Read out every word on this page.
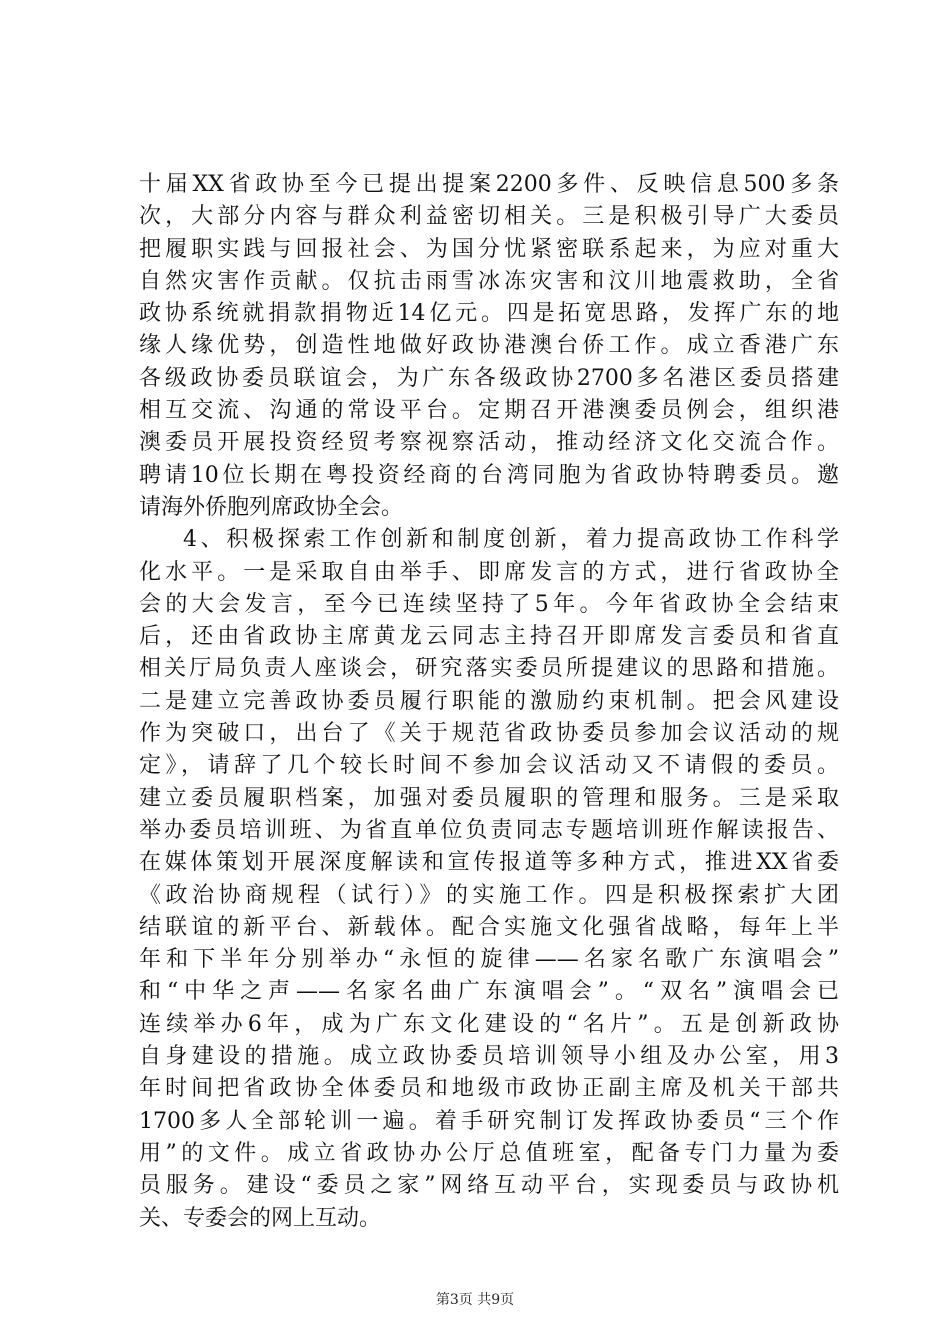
十届XX省政协至今已提出提案2200多件、反映信息500多条
次，大部分内容与群众利益密切相关。三是积极引导广大委员
把履职实践与回报社会、为国分忧紧密联系起来，为应对重大
自然灾害作贡献。仅抗击雨雪冰冻灾害和汶川地震救助，全省
政协系统就捐款捐物近14亿元。四是拓宽思路，发挥广东的地
缘人缘优势，创造性地做好政协港澳台侨工作。成立香港广东
各级政协委员联谊会，为广东各级政协2700多名港区委员搭建
相互交流、沟通的常设平台。定期召开港澳委员例会，组织港
澳委员开展投资经贸考察视察活动，推动经济文化交流合作。
聘请10位长期在粤投资经商的台湾同胞为省政协特聘委员。邀
请海外侨胞列席政协全会。
4、积极探索工作创新和制度创新，着力提高政协工作科学
化水平。一是采取自由举手、即席发言的方式，进行省政协全
会的大会发言，至今已连续坚持了5年。今年省政协全会结束
后，还由省政协主席黄龙云同志主持召开即席发言委员和省直
相关厅局负责人座谈会，研究落实委员所提建议的思路和措施。
二是建立完善政协委员履行职能的激励约束机制。把会风建设
作为突破口，出台了《关于规范省政协委员参加会议活动的规
定》，请辞了几个较长时间不参加会议活动又不请假的委员。
建立委员履职档案，加强对委员履职的管理和服务。三是采取
举办委员培训班、为省直单位负责同志专题培训班作解读报告、
在媒体策划开展深度解读和宣传报道等多种方式，推进XX省委
《政治协商规程（试行）》的实施工作。四是积极探索扩大团
结联谊的新平台、新载体。配合实施文化强省战略，每年上半
年和下半年分别举办“永恒的旋律——名家名歌广东演唱会”
和“中华之声——名家名曲广东演唱会”。“双名”演唱会已
连续举办6年，成为广东文化建设的“名片”。五是创新政协
自身建设的措施。成立政协委员培训领导小组及办公室，用3
年时间把省政协全体委员和地级市政协正副主席及机关干部共
1700多人全部轮训一遍。着手研究制订发挥政协委员“三个作
用”的文件。成立省政协办公厅总值班室，配备专门力量为委
员服务。建设“委员之家”网络互动平台，实现委员与政协机
关、专委会的网上互动。
第3页 共9页
